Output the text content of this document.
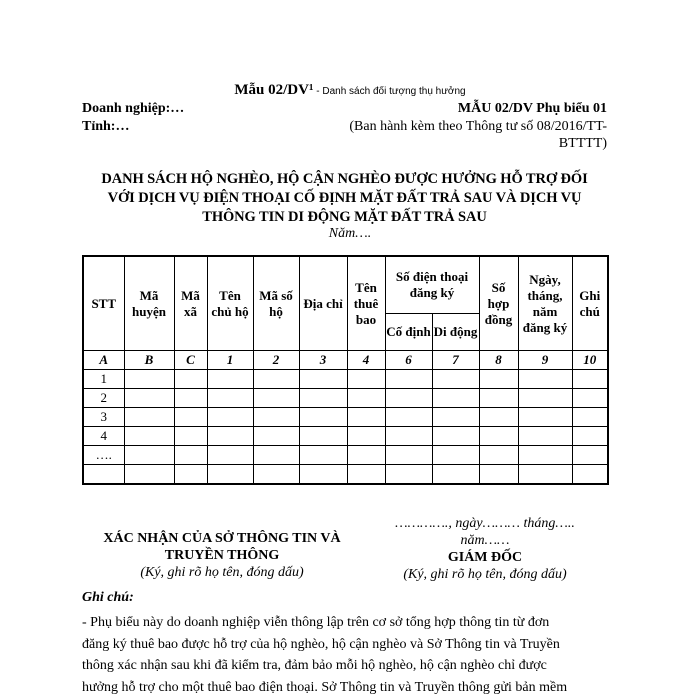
Mẫu 02/DV¹ - Danh sách đối tượng thụ hưởng
Doanh nghiệp:…
Tỉnh:…
MẪU 02/DV Phụ biểu 01
(Ban hành kèm theo Thông tư số 08/2016/TT-
BTTTT)
DANH SÁCH HỘ NGHÈO, HỘ CẬN NGHÈO ĐƯỢC HƯỞNG HỖ TRỢ ĐỐI
VỚI DỊCH VỤ ĐIỆN THOẠI CỐ ĐỊNH MẶT ĐẤT TRẢ SAU VÀ DỊCH VỤ
THÔNG TIN DI ĐỘNG MẶT ĐẤT TRẢ SAU
Năm….
STT	Mã huyện	Mã xã	Tên chủ hộ	Mã số hộ	Địa chỉ	Tên thuê bao	Số điện thoại đăng ký		Số hợp đồng	Ngày, tháng, năm đăng ký	Ghi chú
							Cố định	Di động			
A	B	C	1	2	3	4	6	7	8	9	10
1											
2											
3											
4											
….											

XÁC NHẬN CỦA SỞ THÔNG TIN VÀ
TRUYỀN THÔNG
(Ký, ghi rõ họ tên, đóng dấu)
…………., ngày……… tháng…..
năm……
GIÁM ĐỐC
(Ký, ghi rõ họ tên, đóng dấu)
Ghi chú:
- Phụ biểu này do doanh nghiệp viễn thông lập trên cơ sở tổng hợp thông tin từ đơn
đăng ký thuê bao được hỗ trợ của hộ nghèo, hộ cận nghèo và Sở Thông tin và Truyền
thông xác nhận sau khi đã kiểm tra, đảm bảo mỗi hộ nghèo, hộ cận nghèo chỉ được
hưởng hỗ trợ cho một thuê bao điện thoại. Sở Thông tin và Truyền thông gửi bản mềm
